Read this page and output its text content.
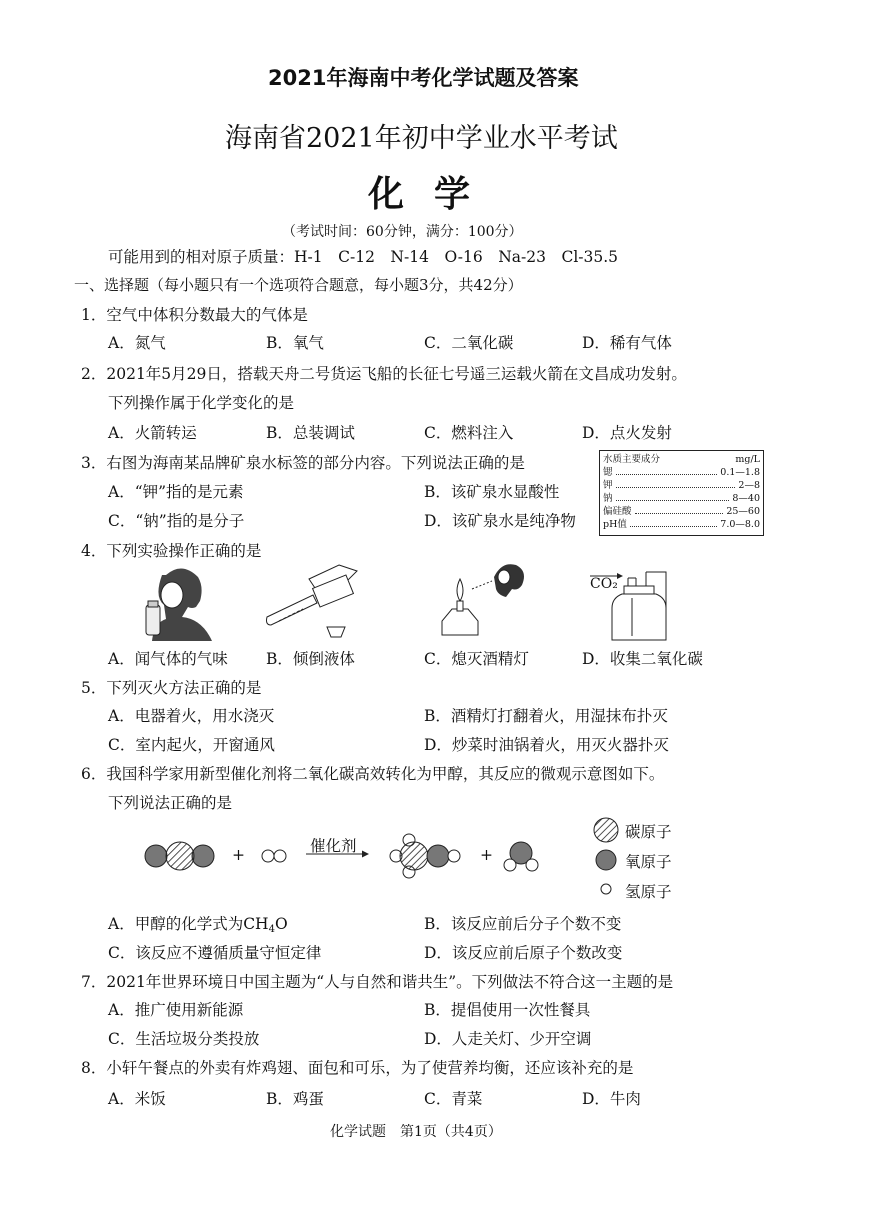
2021年海南中考化学试题及答案
海南省2021年初中学业水平考试
化学
（考试时间：60分钟，满分：100分）
可能用到的相对原子质量：H-1　C-12　N-14　O-16　Na-23　Cl-35.5
一、选择题（每小题只有一个选项符合题意，每小题3分，共42分）
1．空气中体积分数最大的气体是
A．氮气	B．氧气	C．二氧化碳	D．稀有气体
2．2021年5月29日，搭载天舟二号货运飞船的长征七号遥三运载火箭在文昌成功发射。
下列操作属于化学变化的是
A．火箭转运	B．总装调试	C．燃料注入	D．点火发射
3．右图为海南某品牌矿泉水标签的部分内容。下列说法正确的是
A．“钾”指的是元素	B．该矿泉水显酸性
C．“钠”指的是分子	D．该矿泉水是纯净物
水质主要成分	mg/L
锶	0.1—1.8
钾	2—8
钠	8—40
偏硅酸	25—60
pH值	7.0—8.0
4．下列实验操作正确的是
CO₂
A．闻气体的气味 B．倾倒液体	C．熄灭酒精灯	D．收集二氧化碳
5．下列灭火方法正确的是
A．电器着火，用水浇灭	B．酒精灯打翻着火，用湿抹布扑灭
C．室内起火，开窗通风	D．炒菜时油锅着火，用灭火器扑灭
6．我国科学家用新型催化剂将二氧化碳高效转化为甲醇，其反应的微观示意图如下。
下列说法正确的是
+	催化剂	+
碳原子
氧原子
氢原子
A．甲醇的化学式为$CH_4O$	B．该反应前后分子个数不变
C．该反应不遵循质量守恒定律	D．该反应前后原子个数改变
7．2021年世界环境日中国主题为“人与自然和谐共生”。下列做法不符合这一主题的是
A．推广使用新能源	B．提倡使用一次性餐具
C．生活垃圾分类投放	D．人走关灯、少开空调
8．小轩午餐点的外卖有炸鸡翅、面包和可乐，为了使营养均衡，还应该补充的是
A．米饭	B．鸡蛋	C．青菜	D．牛肉
化学试题　第1页（共4页）
